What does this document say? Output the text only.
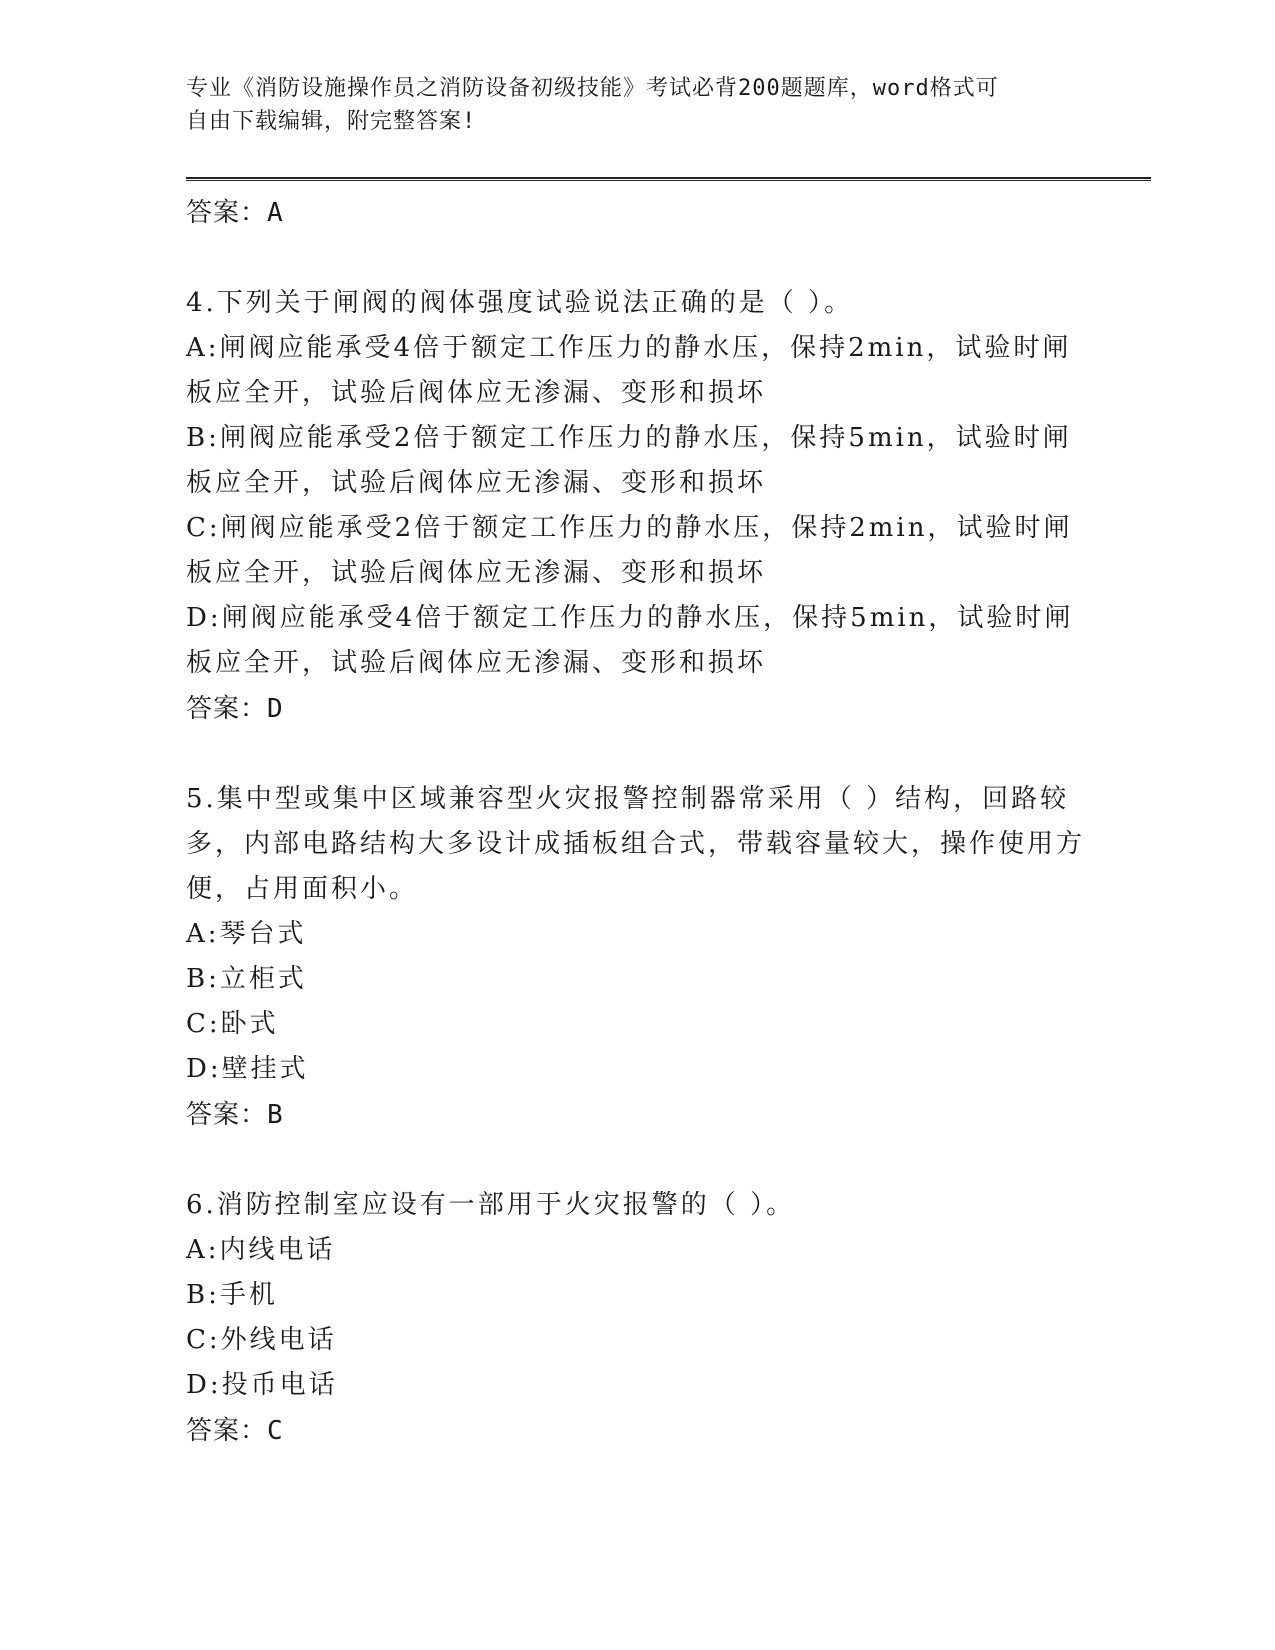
专业《消防设施操作员之消防设备初级技能》考试必背200题题库，word格式可
自由下载编辑，附完整答案!
答案：A
4.下列关于闸阀的阀体强度试验说法正确的是（ ）。
A:闸阀应能承受4倍于额定工作压力的静水压，保持2min，试验时闸板应全开，试验后阀体应无渗漏、变形和损坏
B:闸阀应能承受2倍于额定工作压力的静水压，保持5min，试验时闸板应全开，试验后阀体应无渗漏、变形和损坏
C:闸阀应能承受2倍于额定工作压力的静水压，保持2min，试验时闸板应全开，试验后阀体应无渗漏、变形和损坏
D:闸阀应能承受4倍于额定工作压力的静水压，保持5min，试验时闸板应全开，试验后阀体应无渗漏、变形和损坏
答案：D
5.集中型或集中区域兼容型火灾报警控制器常采用（ ）结构，回路较多，内部电路结构大多设计成插板组合式，带载容量较大，操作使用方便，占用面积小。
A:琴台式
B:立柜式
C:卧式
D:壁挂式
答案：B
6.消防控制室应设有一部用于火灾报警的（ ）。
A:内线电话
B:手机
C:外线电话
D:投币电话
答案：C
